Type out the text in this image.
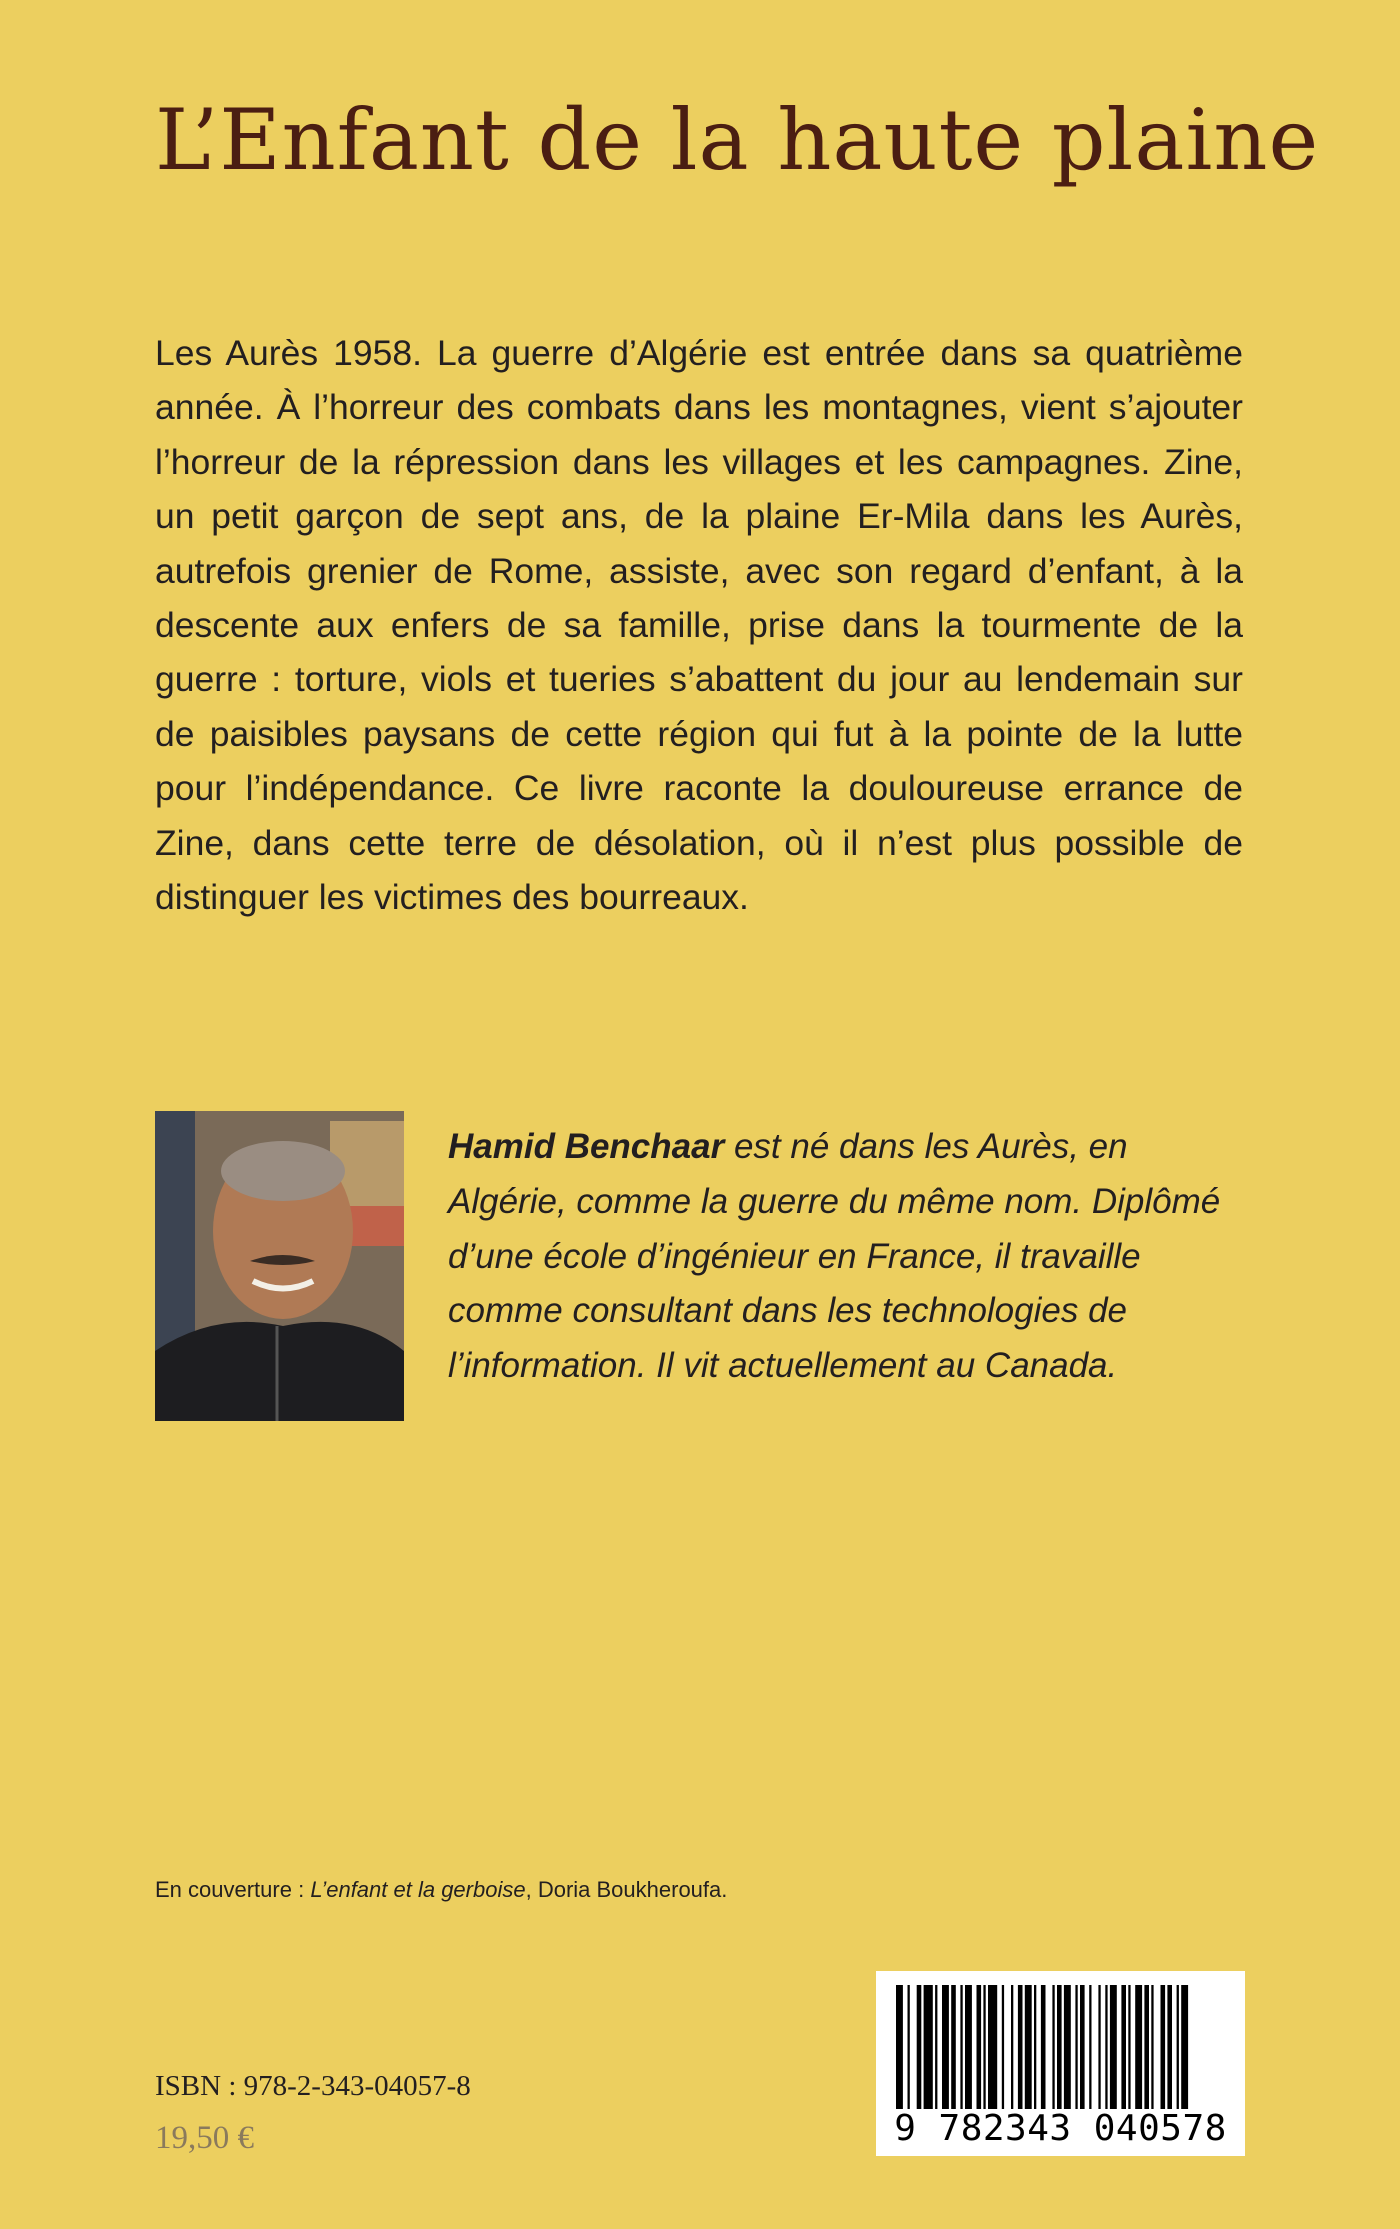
L’Enfant de la haute plaine

Les Aurès 1958. La guerre d’Algérie est entrée dans sa quatrième année. À l’horreur des combats dans les montagnes, vient s’ajouter l’horreur de la répression dans les villages et les campagnes. Zine, un petit garçon de sept ans, de la plaine Er-Mila dans les Aurès, autrefois grenier de Rome, assiste, avec son regard d’enfant, à la descente aux enfers de sa famille, prise dans la tourmente de la guerre : torture, viols et tueries s’abattent du jour au lendemain sur de paisibles paysans de cette région qui fut à la pointe de la lutte pour l’indépendance. Ce livre raconte la douloureuse errance de Zine, dans cette terre de désolation, où il n’est plus possible de distinguer les victimes des bourreaux.

Hamid Benchaar est né dans les Aurès, en Algérie, comme la guerre du même nom. Diplômé d’une école d’ingénieur en France, il travaille comme consultant dans les technologies de l’information. Il vit actuellement au Canada.

En couverture : L’enfant et la gerboise, Doria Boukheroufa.

ISBN : 978-2-343-04057-8
19,50 €	9 782343 040578
